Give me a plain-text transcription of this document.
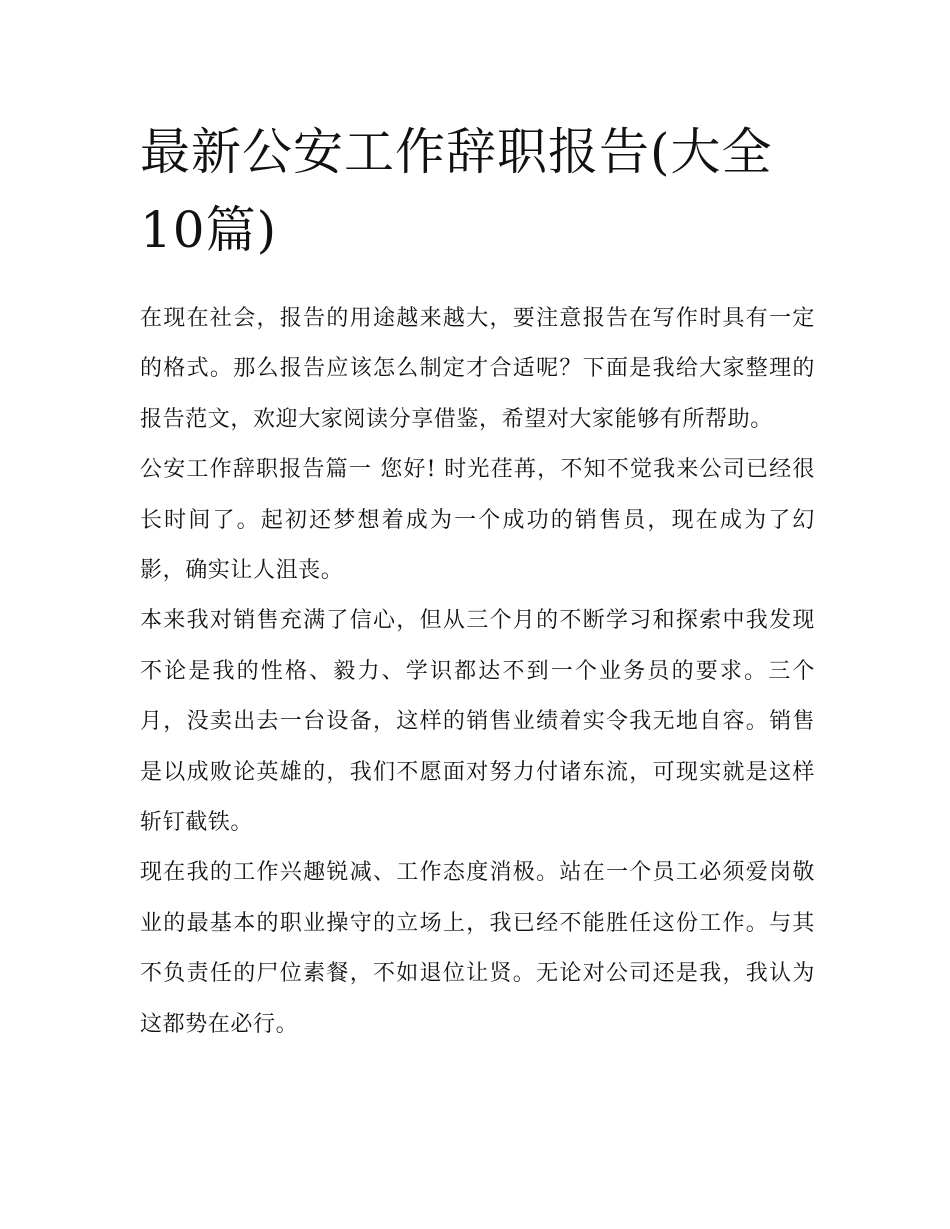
最新公安工作辞职报告(大全10篇)

在现在社会，报告的用途越来越大，要注意报告在写作时具有一定的格式。那么报告应该怎么制定才合适呢？下面是我给大家整理的报告范文，欢迎大家阅读分享借鉴，希望对大家能够有所帮助。

公安工作辞职报告篇一 您好! 时光荏苒，不知不觉我来公司已经很长时间了。起初还梦想着成为一个成功的销售员，现在成为了幻影，确实让人沮丧。

本来我对销售充满了信心，但从三个月的不断学习和探索中我发现不论是我的性格、毅力、学识都达不到一个业务员的要求。三个月，没卖出去一台设备，这样的销售业绩着实令我无地自容。销售是以成败论英雄的，我们不愿面对努力付诸东流，可现实就是这样斩钉截铁。

现在我的工作兴趣锐减、工作态度消极。站在一个员工必须爱岗敬业的最基本的职业操守的立场上，我已经不能胜任这份工作。与其不负责任的尸位素餐，不如退位让贤。无论对公司还是我，我认为这都势在必行。
